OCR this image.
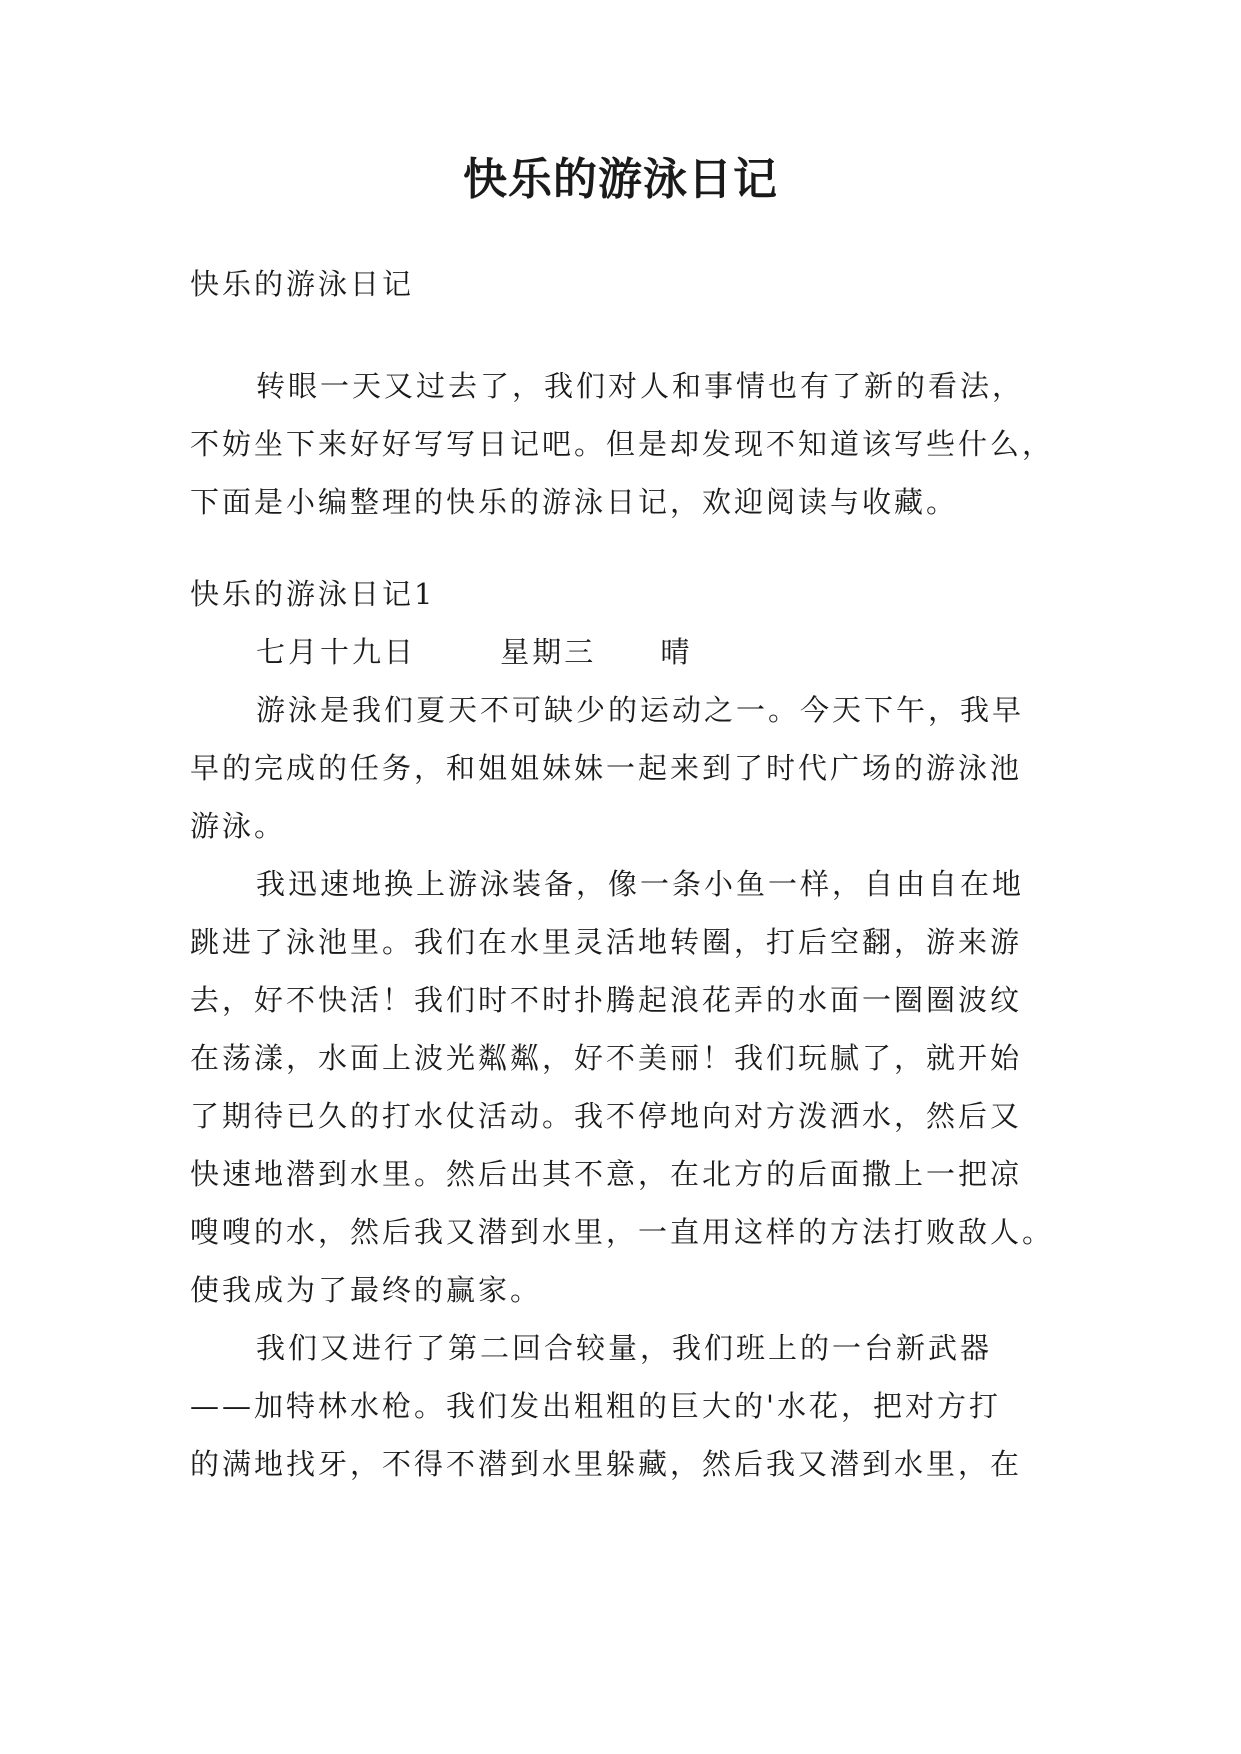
快乐的游泳日记
快乐的游泳日记
转眼一天又过去了，我们对人和事情也有了新的看法，
不妨坐下来好好写写日记吧。但是却发现不知道该写些什么，
下面是小编整理的快乐的游泳日记，欢迎阅读与收藏。
快乐的游泳日记1
七月十九日	星期三 晴
游泳是我们夏天不可缺少的运动之一。今天下午，我早
早的完成的任务，和姐姐妹妹一起来到了时代广场的游泳池
游泳。
我迅速地换上游泳装备，像一条小鱼一样，自由自在地
跳进了泳池里。我们在水里灵活地转圈，打后空翻，游来游
去，好不快活！我们时不时扑腾起浪花弄的水面一圈圈波纹
在荡漾，水面上波光粼粼，好不美丽！我们玩腻了，就开始
了期待已久的打水仗活动。我不停地向对方泼洒水，然后又
快速地潜到水里。然后出其不意，在北方的后面撒上一把凉
嗖嗖的水，然后我又潜到水里，一直用这样的方法打败敌人。
使我成为了最终的赢家。
我们又进行了第二回合较量，我们班上的一台新武器
——加特林水枪。我们发出粗粗的巨大的'水花，把对方打
的满地找牙，不得不潜到水里躲藏，然后我又潜到水里，在
